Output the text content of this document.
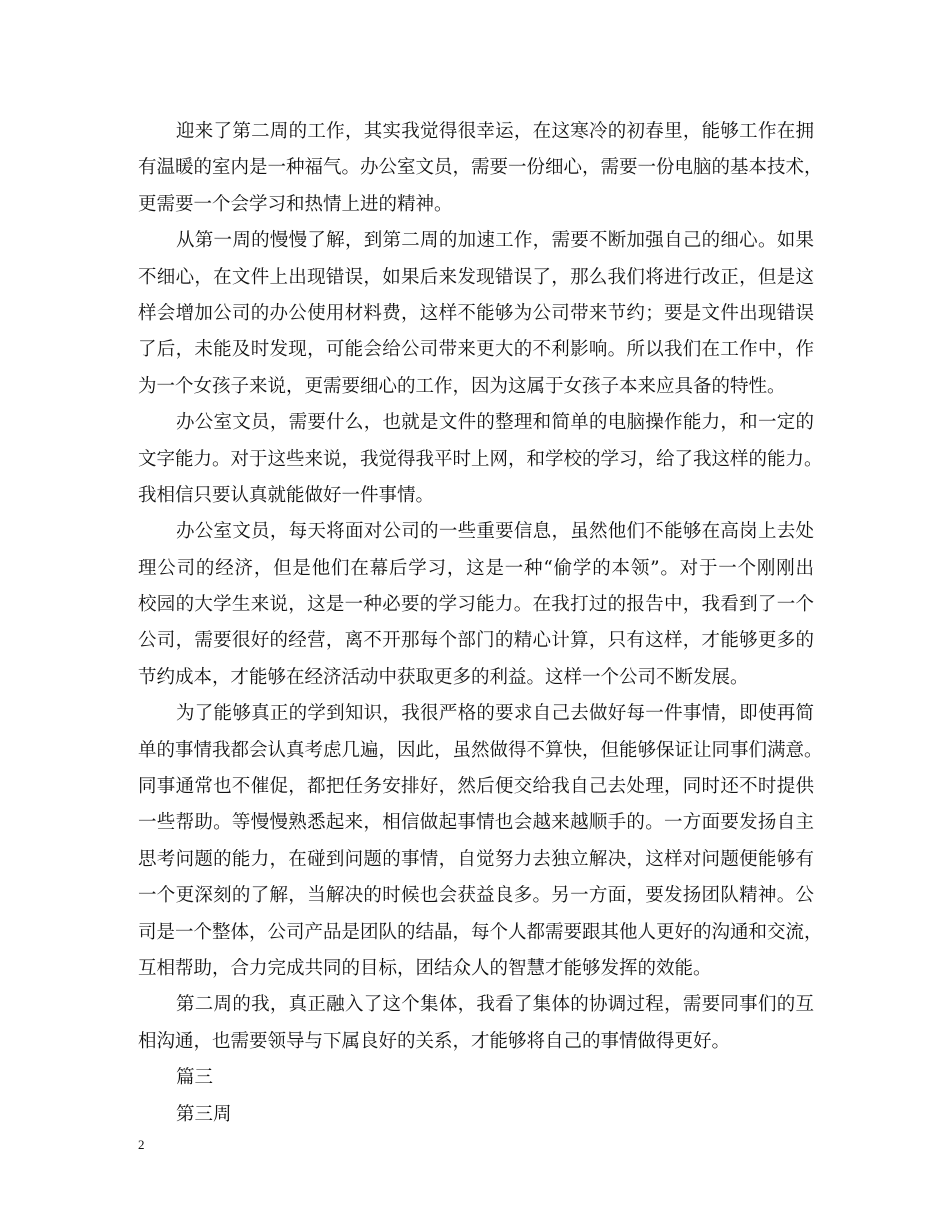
迎来了第二周的工作，其实我觉得很幸运，在这寒冷的初春里，能够工作在拥
有温暖的室内是一种福气。办公室文员，需要一份细心，需要一份电脑的基本技术，
更需要一个会学习和热情上进的精神。
从第一周的慢慢了解，到第二周的加速工作，需要不断加强自己的细心。如果
不细心，在文件上出现错误，如果后来发现错误了，那么我们将进行改正，但是这
样会增加公司的办公使用材料费，这样不能够为公司带来节约；要是文件出现错误
了后，未能及时发现，可能会给公司带来更大的不利影响。所以我们在工作中，作
为一个女孩子来说，更需要细心的工作，因为这属于女孩子本来应具备的特性。
办公室文员，需要什么，也就是文件的整理和简单的电脑操作能力，和一定的
文字能力。对于这些来说，我觉得我平时上网，和学校的学习，给了我这样的能力。
我相信只要认真就能做好一件事情。
办公室文员，每天将面对公司的一些重要信息，虽然他们不能够在高岗上去处
理公司的经济，但是他们在幕后学习，这是一种“偷学的本领”。对于一个刚刚出
校园的大学生来说，这是一种必要的学习能力。在我打过的报告中，我看到了一个
公司，需要很好的经营，离不开那每个部门的精心计算，只有这样，才能够更多的
节约成本，才能够在经济活动中获取更多的利益。这样一个公司不断发展。
为了能够真正的学到知识，我很严格的要求自己去做好每一件事情，即使再简
单的事情我都会认真考虑几遍，因此，虽然做得不算快，但能够保证让同事们满意。
同事通常也不催促，都把任务安排好，然后便交给我自己去处理，同时还不时提供
一些帮助。等慢慢熟悉起来，相信做起事情也会越来越顺手的。一方面要发扬自主
思考问题的能力，在碰到问题的事情，自觉努力去独立解决，这样对问题便能够有
一个更深刻的了解，当解决的时候也会获益良多。另一方面，要发扬团队精神。公
司是一个整体，公司产品是团队的结晶，每个人都需要跟其他人更好的沟通和交流，
互相帮助，合力完成共同的目标，团结众人的智慧才能够发挥的效能。
第二周的我，真正融入了这个集体，我看了集体的协调过程，需要同事们的互
相沟通，也需要领导与下属良好的关系，才能够将自己的事情做得更好。
篇三
第三周
2
